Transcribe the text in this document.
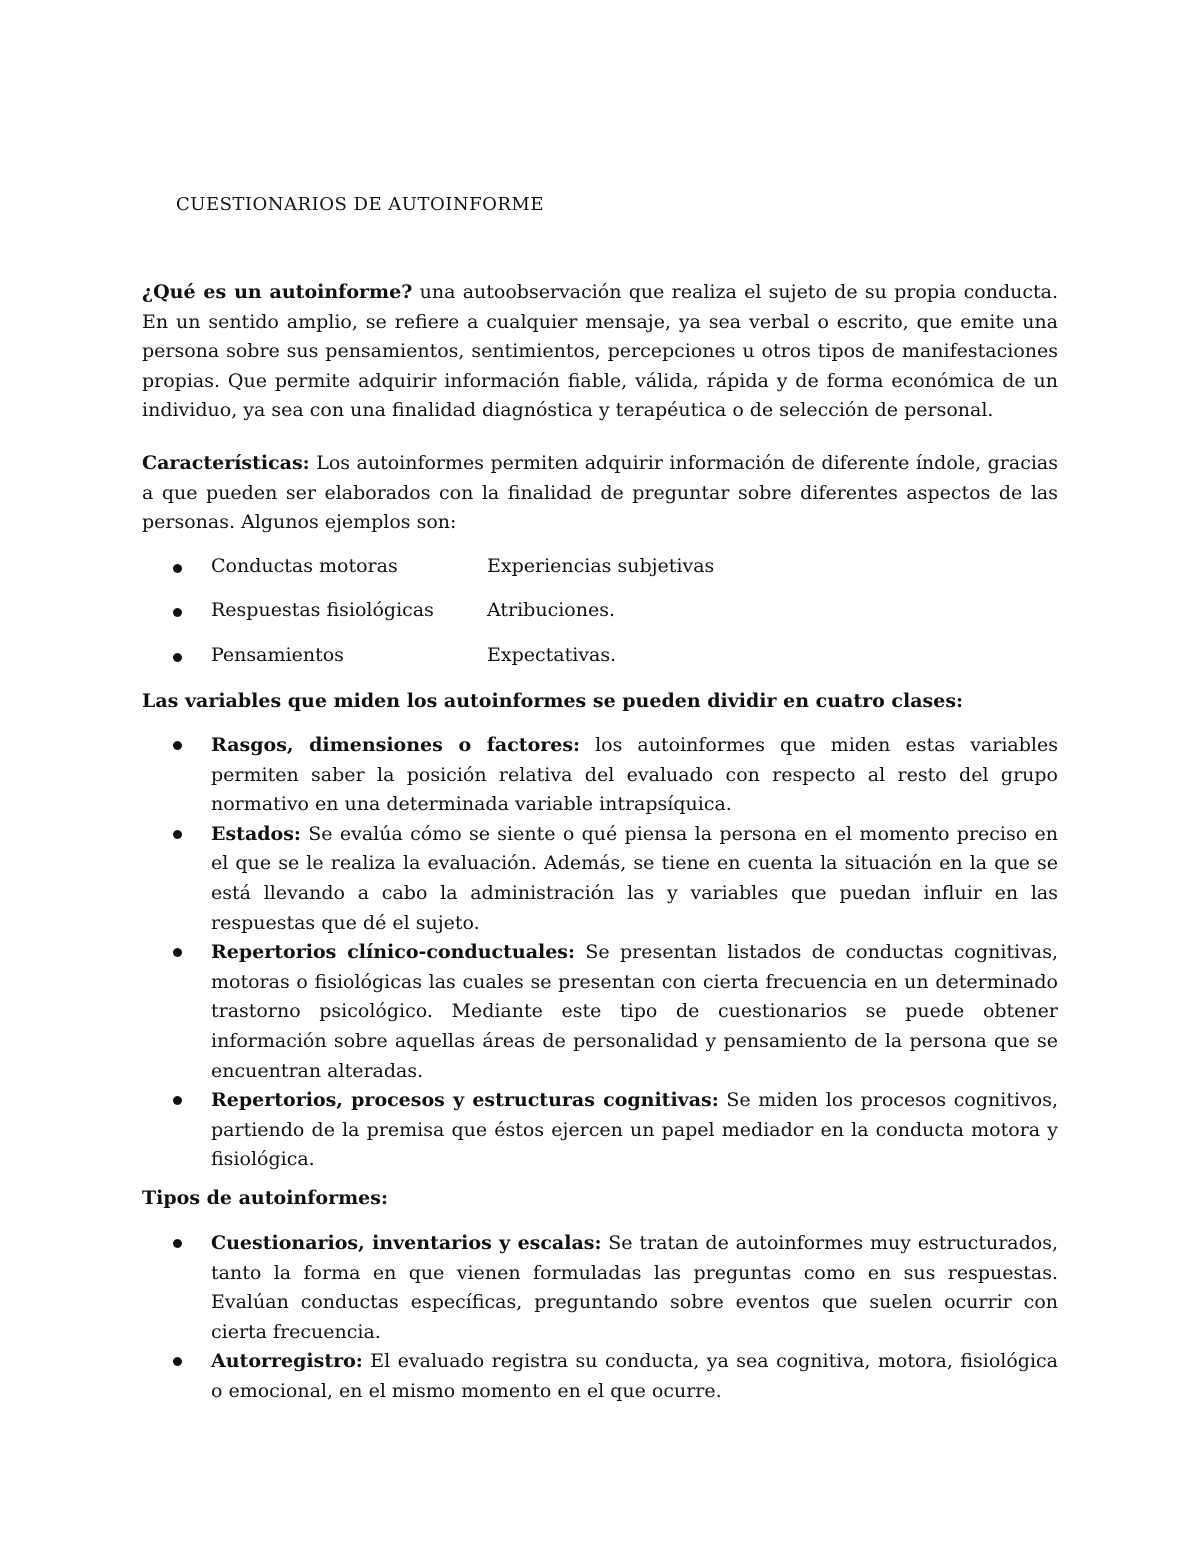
CUESTIONARIOS DE AUTOINFORME

¿Qué es un autoinforme? una autoobservación que realiza el sujeto de su propia conducta. En un sentido amplio, se refiere a cualquier mensaje, ya sea verbal o escrito, que emite una persona sobre sus pensamientos, sentimientos, percepciones u otros tipos de manifestaciones propias. Que permite adquirir información fiable, válida, rápida y de forma económica de un individuo, ya sea con una finalidad diagnóstica y terapéutica o de selección de personal.

Características: Los autoinformes permiten adquirir información de diferente índole, gracias a que pueden ser elaborados con la finalidad de preguntar sobre diferentes aspectos de las personas. Algunos ejemplos son:

Conductas motoras	Experiencias subjetivas
Respuestas fisiológicas	Atribuciones.
Pensamientos	Expectativas.

Las variables que miden los autoinformes se pueden dividir en cuatro clases:

Rasgos, dimensiones o factores: los autoinformes que miden estas variables permiten saber la posición relativa del evaluado con respecto al resto del grupo normativo en una determinada variable intrapsíquica.
Estados: Se evalúa cómo se siente o qué piensa la persona en el momento preciso en el que se le realiza la evaluación. Además, se tiene en cuenta la situación en la que se está llevando a cabo la administración las y variables que puedan influir en las respuestas que dé el sujeto.
Repertorios clínico-conductuales: Se presentan listados de conductas cognitivas, motoras o fisiológicas las cuales se presentan con cierta frecuencia en un determinado trastorno psicológico. Mediante este tipo de cuestionarios se puede obtener información sobre aquellas áreas de personalidad y pensamiento de la persona que se encuentran alteradas.
Repertorios, procesos y estructuras cognitivas: Se miden los procesos cognitivos, partiendo de la premisa que éstos ejercen un papel mediador en la conducta motora y fisiológica.

Tipos de autoinformes:

Cuestionarios, inventarios y escalas: Se tratan de autoinformes muy estructurados, tanto la forma en que vienen formuladas las preguntas como en sus respuestas. Evalúan conductas específicas, preguntando sobre eventos que suelen ocurrir con cierta frecuencia.
Autorregistro: El evaluado registra su conducta, ya sea cognitiva, motora, fisiológica o emocional, en el mismo momento en el que ocurre.
